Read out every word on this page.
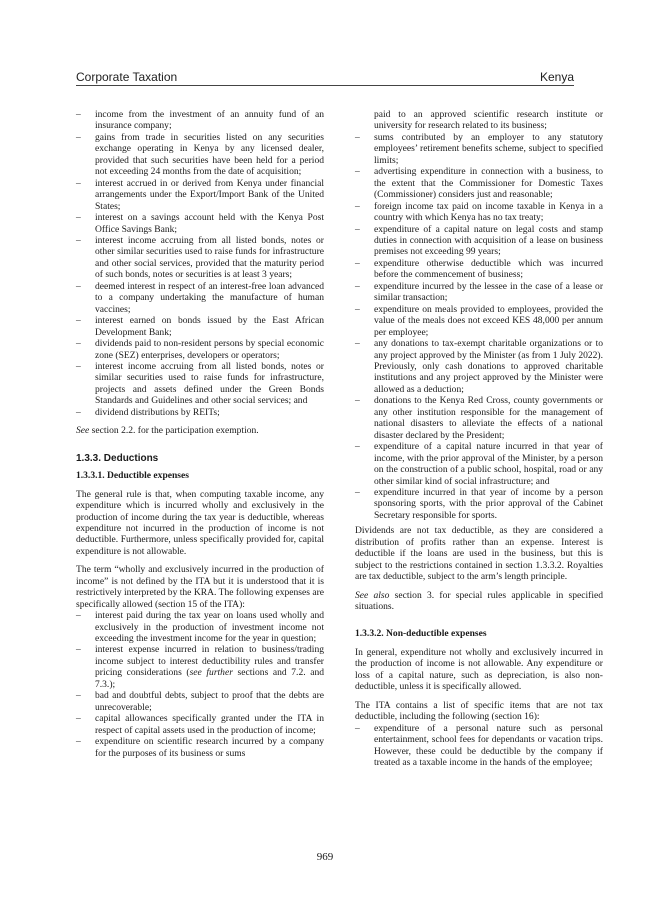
Corporate Taxation	Kenya
– income from the investment of an annuity fund of an insurance company;
– gains from trade in securities listed on any securities exchange operating in Kenya by any licensed dealer, provided that such securities have been held for a period not exceeding 24 months from the date of acquisition;
– interest accrued in or derived from Kenya under financial arrangements under the Export/Import Bank of the United States;
– interest on a savings account held with the Kenya Post Office Savings Bank;
– interest income accruing from all listed bonds, notes or other similar securities used to raise funds for infrastructure and other social services, provided that the maturity period of such bonds, notes or securities is at least 3 years;
– deemed interest in respect of an interest-free loan advanced to a company undertaking the manufacture of human vaccines;
– interest earned on bonds issued by the East African Development Bank;
– dividends paid to non-resident persons by special economic zone (SEZ) enterprises, developers or operators;
– interest income accruing from all listed bonds, notes or similar securities used to raise funds for infrastructure, projects and assets defined under the Green Bonds Standards and Guidelines and other social services; and
– dividend distributions by REITs;

See section 2.2. for the participation exemption.

1.3.3. Deductions
1.3.3.1. Deductible expenses

The general rule is that, when computing taxable income, any expenditure which is incurred wholly and exclusively in the production of income during the tax year is deductible, whereas expenditure not incurred in the production of income is not deductible. Furthermore, unless specifically provided for, capital expenditure is not allowable.

The term “wholly and exclusively incurred in the production of income” is not defined by the ITA but it is understood that it is restrictively interpreted by the KRA. The following expenses are specifically allowed (section 15 of the ITA):

– interest paid during the tax year on loans used wholly and exclusively in the production of investment income not exceeding the investment income for the year in question;
– interest expense incurred in relation to business/trading income subject to interest deductibility rules and transfer pricing considerations (see further sections and 7.2. and 7.3.);
– bad and doubtful debts, subject to proof that the debts are unrecoverable;
– capital allowances specifically granted under the ITA in respect of capital assets used in the production of income;
– expenditure on scientific research incurred by a company for the purposes of its business or sums
paid to an approved scientific research institute or university for research related to its business;
– sums contributed by an employer to any statutory employees’ retirement benefits scheme, subject to specified limits;
– advertising expenditure in connection with a business, to the extent that the Commissioner for Domestic Taxes (Commissioner) considers just and reasonable;
– foreign income tax paid on income taxable in Kenya in a country with which Kenya has no tax treaty;
– expenditure of a capital nature on legal costs and stamp duties in connection with acquisition of a lease on business premises not exceeding 99 years;
– expenditure otherwise deductible which was incurred before the commencement of business;
– expenditure incurred by the lessee in the case of a lease or similar transaction;
– expenditure on meals provided to employees, provided the value of the meals does not exceed KES 48,000 per annum per employee;
– any donations to tax-exempt charitable organizations or to any project approved by the Minister (as from 1 July 2022). Previously, only cash donations to approved charitable institutions and any project approved by the Minister were allowed as a deduction;
– donations to the Kenya Red Cross, county governments or any other institution responsible for the management of national disasters to alleviate the effects of a national disaster declared by the President;
– expenditure of a capital nature incurred in that year of income, with the prior approval of the Minister, by a person on the construction of a public school, hospital, road or any other similar kind of social infrastructure; and
– expenditure incurred in that year of income by a person sponsoring sports, with the prior approval of the Cabinet Secretary responsible for sports.

Dividends are not tax deductible, as they are considered a distribution of profits rather than an expense. Interest is deductible if the loans are used in the business, but this is subject to the restrictions contained in section 1.3.3.2. Royalties are tax deductible, subject to the arm’s length principle.

See also section 3. for special rules applicable in specified situations.

1.3.3.2. Non-deductible expenses

In general, expenditure not wholly and exclusively incurred in the production of income is not allowable. Any expenditure or loss of a capital nature, such as depreciation, is also non-deductible, unless it is specifically allowed.

The ITA contains a list of specific items that are not tax deductible, including the following (section 16):

– expenditure of a personal nature such as personal entertainment, school fees for dependants or vacation trips. However, these could be deductible by the company if treated as a taxable income in the hands of the employee;
969
